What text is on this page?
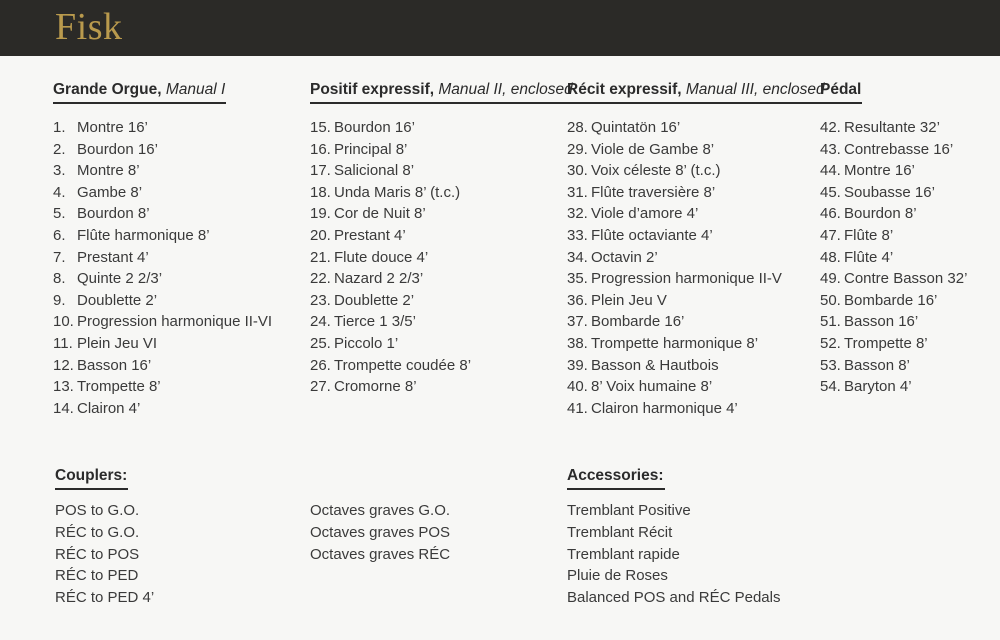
Fisk
Grande Orgue, Manual I
1. Montre 16’
2. Bourdon 16’
3. Montre 8’
4. Gambe 8’
5. Bourdon 8’
6. Flûte harmonique 8’
7. Prestant 4’
8. Quinte 2 2/3’
9. Doublette 2’
10. Progression harmonique II-VI
11. Plein Jeu VI
12. Basson 16’
13. Trompette 8’
14. Clairon 4’
Positif expressif, Manual II, enclosed
15. Bourdon 16’
16. Principal 8’
17. Salicional 8’
18. Unda Maris 8’ (t.c.)
19. Cor de Nuit 8’
20. Prestant 4’
21. Flute douce 4’
22. Nazard 2 2/3’
23. Doublette 2’
24. Tierce 1 3/5’
25. Piccolo 1’
26. Trompette coudée 8’
27. Cromorne 8’
Récit expressif, Manual III, enclosed
28. Quintatön 16’
29. Viole de Gambe 8’
30. Voix céleste 8’ (t.c.)
31. Flûte traversière 8’
32. Viole d’amore 4’
33. Flûte octaviante 4’
34. Octavin 2’
35. Progression harmonique II-V
36. Plein Jeu V
37. Bombarde 16’
38. Trompette harmonique 8’
39. Basson & Hautbois
40. 8’ Voix humaine 8’
41. Clairon harmonique 4’
Pédal
42. Resultante 32’
43. Contrebasse 16’
44. Montre 16’
45. Soubasse 16’
46. Bourdon 8’
47. Flûte 8’
48. Flûte 4’
49. Contre Basson 32’
50. Bombarde 16’
51. Basson 16’
52. Trompette 8’
53. Basson 8’
54. Baryton 4’
Couplers:
POS to G.O.
RÉC to G.O.
RÉC to POS
RÉC to PED
RÉC to PED 4’
Octaves graves G.O.
Octaves graves POS
Octaves graves RÉC
Accessories:
Tremblant Positive
Tremblant Récit
Tremblant rapide
Pluie de Roses
Balanced POS and RÉC Pedals
